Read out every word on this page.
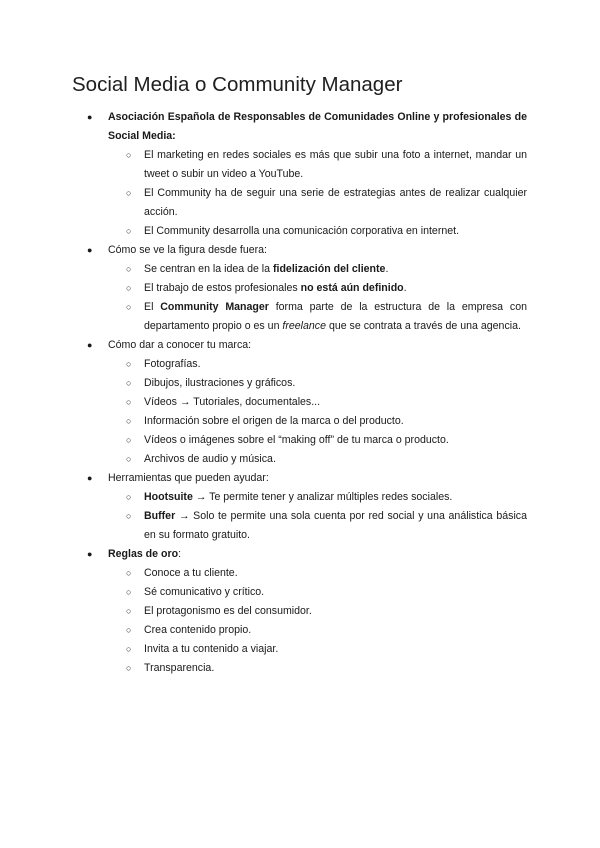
Social Media o Community Manager
● Asociación Española de Responsables de Comunidades Online y profesionales de Social Media:
○ El marketing en redes sociales es más que subir una foto a internet, mandar un tweet o subir un video a YouTube.
○ El Community ha de seguir una serie de estrategias antes de realizar cualquier acción.
○ El Community desarrolla una comunicación corporativa en internet.
● Cómo se ve la figura desde fuera:
○ Se centran en la idea de la fidelización del cliente.
○ El trabajo de estos profesionales no está aún definido.
○ El Community Manager forma parte de la estructura de la empresa con departamento propio o es un freelance que se contrata a través de una agencia.
● Cómo dar a conocer tu marca:
○ Fotografías.
○ Dibujos, ilustraciones y gráficos.
○ Vídeos → Tutoriales, documentales...
○ Información sobre el origen de la marca o del producto.
○ Vídeos o imágenes sobre el “making off” de tu marca o producto.
○ Archivos de audio y música.
● Herramientas que pueden ayudar:
○ Hootsuite → Te permite tener y analizar múltiples redes sociales.
○ Buffer → Solo te permite una sola cuenta por red social y una análistica básica en su formato gratuito.
● Reglas de oro:
○ Conoce a tu cliente.
○ Sé comunicativo y crítico.
○ El protagonismo es del consumidor.
○ Crea contenido propio.
○ Invita a tu contenido a viajar.
○ Transparencia.
